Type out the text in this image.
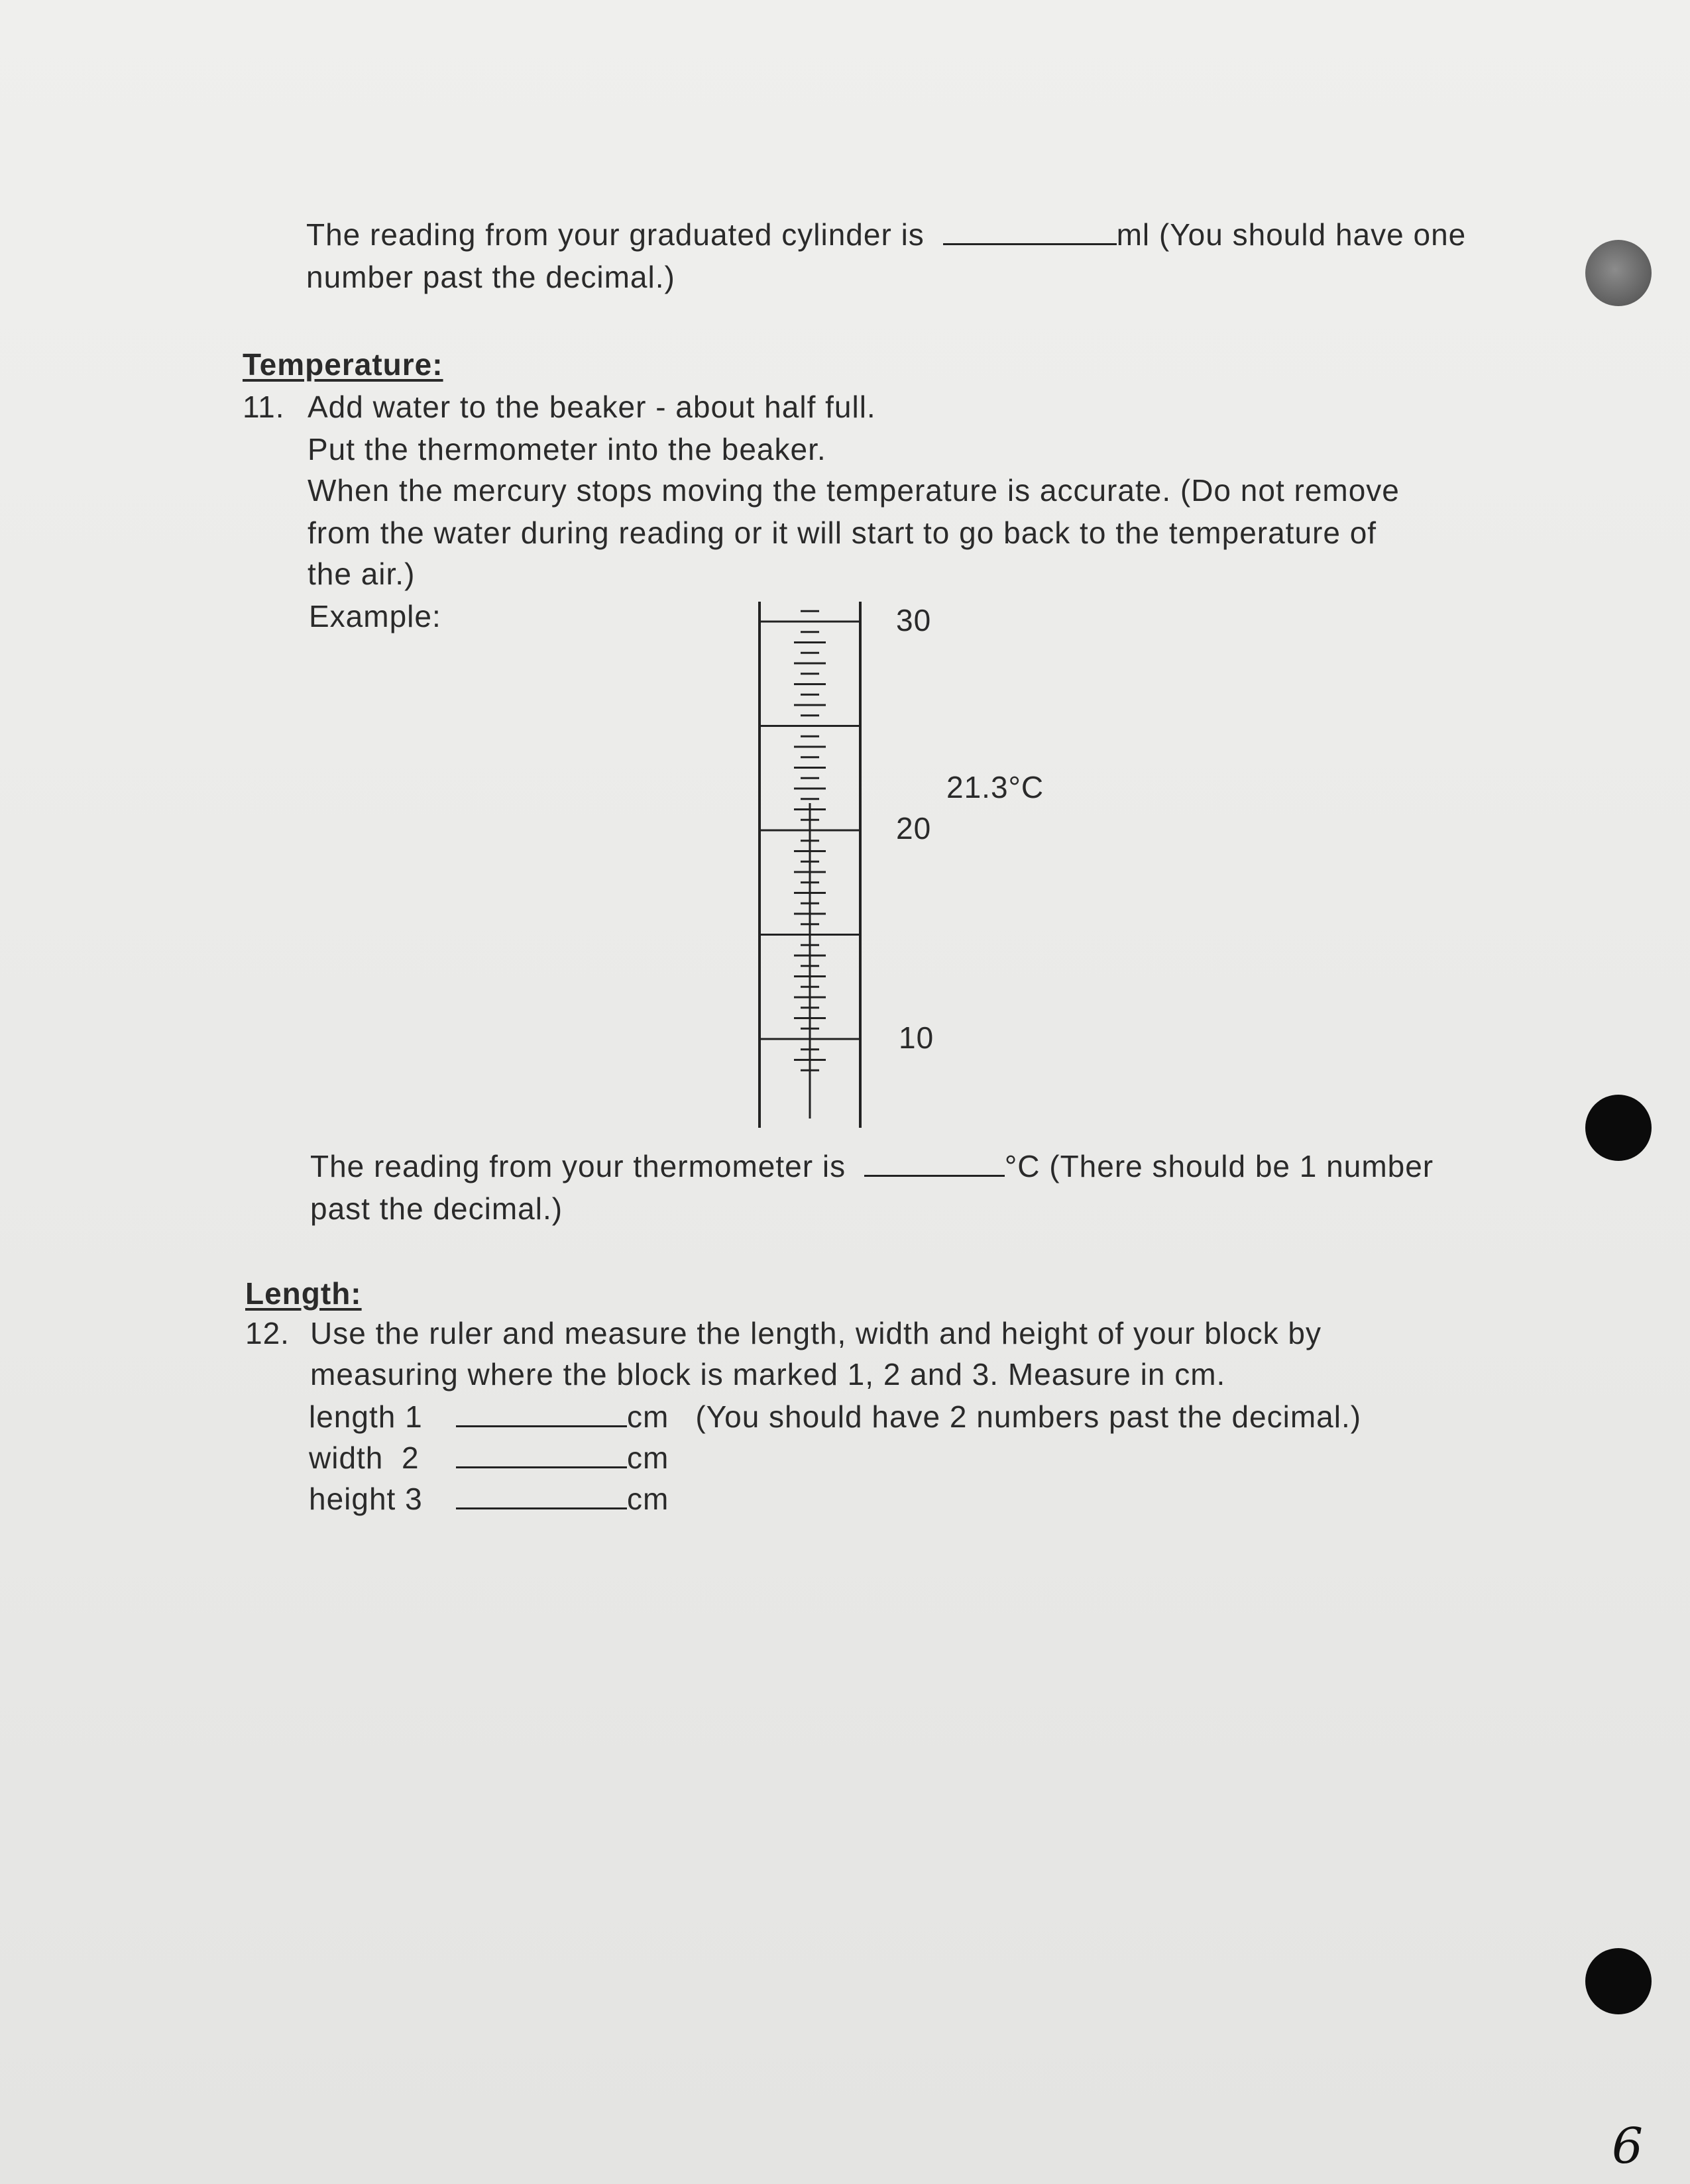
The reading from your graduated cylinder is	ml (You should have one
number past the decimal.)
Temperature:
11. Add water to the beaker - about half full.
Put the thermometer into the beaker.
When the mercury stops moving the temperature is accurate. (Do not remove
from the water during reading or it will start to go back to the temperature of
the air.)
Example:	30
20
10
21.3°C
The reading from your thermometer is	°C (There should be 1 number
past the decimal.)
Length:
12. Use the ruler and measure the length, width and height of your block by
measuring where the block is marked 1, 2 and 3. Measure in cm.
length 1	cm (You should have 2 numbers past the decimal.)
width  2	cm
height 3	cm
6
